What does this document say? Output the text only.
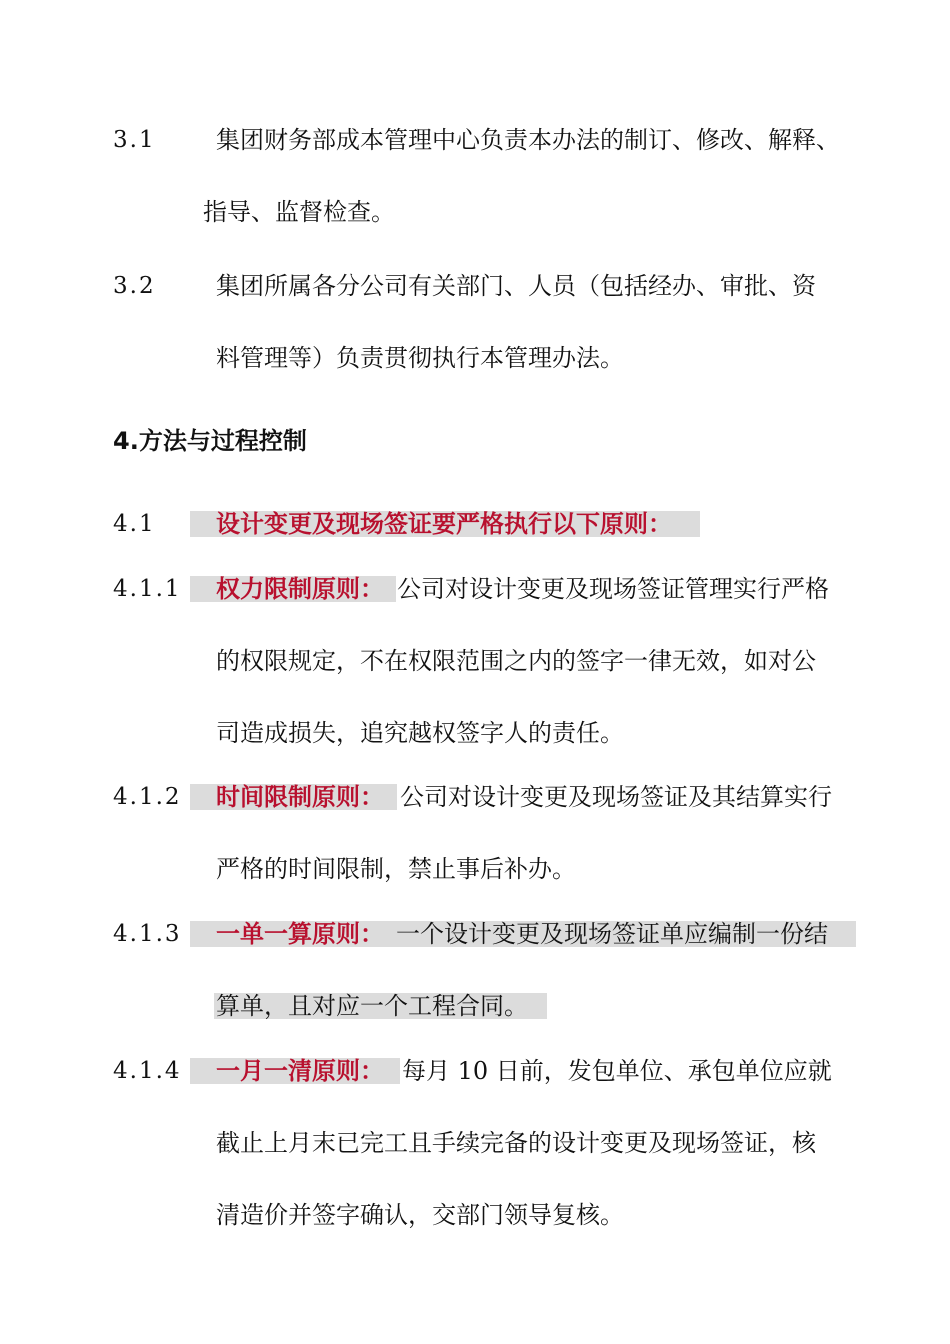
3.1	集团财务部成本管理中心负责本办法的制订、修改、解释、
指导、监督检查。
3.2	集团所属各分公司有关部门、人员（包括经办、审批、资
料管理等）负责贯彻执行本管理办法。
4.方法与过程控制
4.1	设计变更及现场签证要严格执行以下原则：
4.1.1 权力限制原则： 公司对设计变更及现场签证管理实行严格
的权限规定，不在权限范围之内的签字一律无效，如对公
司造成损失，追究越权签字人的责任。
4.1.2 时间限制原则： 公司对设计变更及现场签证及其结算实行
严格的时间限制，禁止事后补办。
4.1.3 一单一算原则： 一个设计变更及现场签证单应编制一份结
算单，且对应一个工程合同。
4.1.4 一月一清原则： 每月 10 日前，发包单位、承包单位应就
截止上月末已完工且手续完备的设计变更及现场签证，核
清造价并签字确认，交部门领导复核。
